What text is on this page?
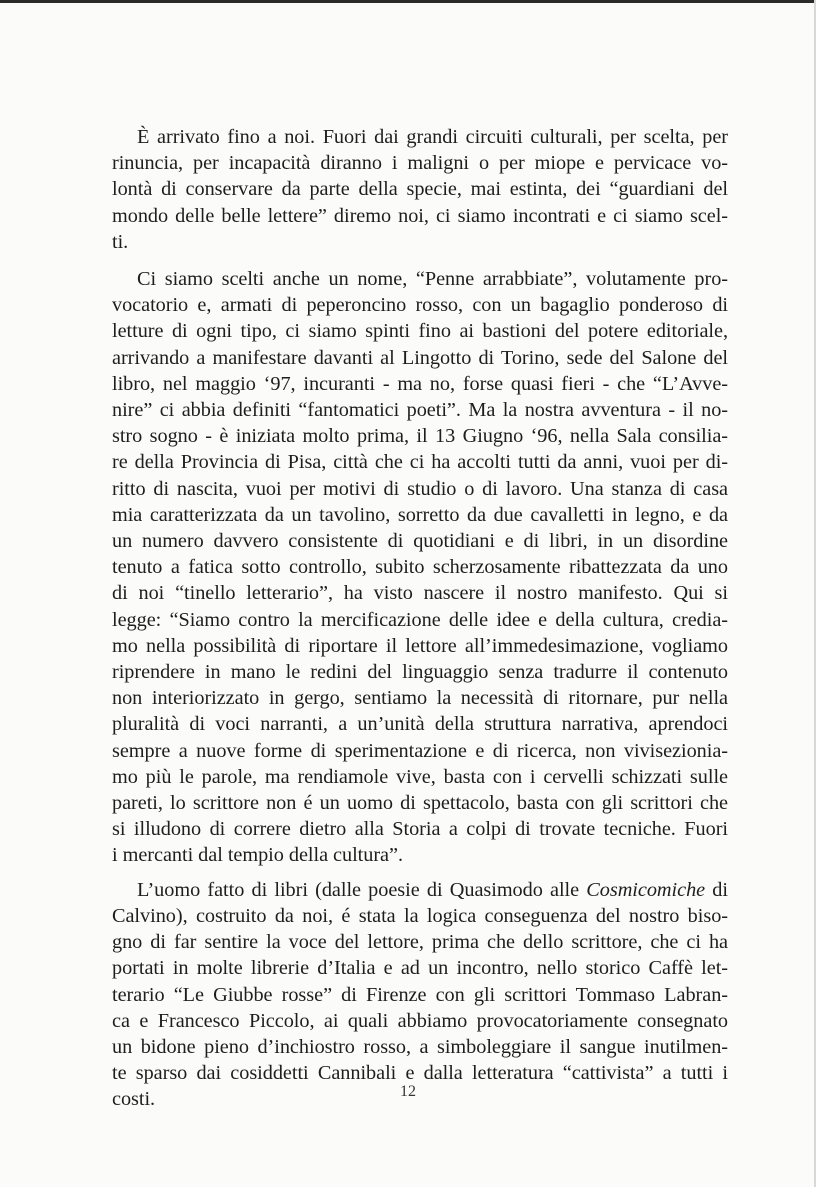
È arrivato fino a noi. Fuori dai grandi circuiti culturali, per scelta, per
rinuncia, per incapacità diranno i maligni o per miope e pervicace vo-
lontà di conservare da parte della specie, mai estinta, dei “guardiani del
mondo delle belle lettere” diremo noi, ci siamo incontrati e ci siamo scel-
ti.

Ci siamo scelti anche un nome, “Penne arrabbiate”, volutamente pro-
vocatorio e, armati di peperoncino rosso, con un bagaglio ponderoso di
letture di ogni tipo, ci siamo spinti fino ai bastioni del potere editoriale,
arrivando a manifestare davanti al Lingotto di Torino, sede del Salone del
libro, nel maggio ‘97, incuranti - ma no, forse quasi fieri - che “L’Avve-
nire” ci abbia definiti “fantomatici poeti”. Ma la nostra avventura - il no-
stro sogno - è iniziata molto prima, il 13 Giugno ‘96, nella Sala consilia-
re della Provincia di Pisa, città che ci ha accolti tutti da anni, vuoi per di-
ritto di nascita, vuoi per motivi di studio o di lavoro. Una stanza di casa
mia caratterizzata da un tavolino, sorretto da due cavalletti in legno, e da
un numero davvero consistente di quotidiani e di libri, in un disordine
tenuto a fatica sotto controllo, subito scherzosamente ribattezzata da uno
di noi “tinello letterario”, ha visto nascere il nostro manifesto. Qui si
legge: “Siamo contro la mercificazione delle idee e della cultura, credia-
mo nella possibilità di riportare il lettore all’immedesimazione, vogliamo
riprendere in mano le redini del linguaggio senza tradurre il contenuto
non interiorizzato in gergo, sentiamo la necessità di ritornare, pur nella
pluralità di voci narranti, a un’unità della struttura narrativa, aprendoci
sempre a nuove forme di sperimentazione e di ricerca, non vivisezionia-
mo più le parole, ma rendiamole vive, basta con i cervelli schizzati sulle
pareti, lo scrittore non é un uomo di spettacolo, basta con gli scrittori che
si illudono di correre dietro alla Storia a colpi di trovate tecniche. Fuori
i mercanti dal tempio della cultura”.

L’uomo fatto di libri (dalle poesie di Quasimodo alle Cosmicomiche di
Calvino), costruito da noi, é stata la logica conseguenza del nostro biso-
gno di far sentire la voce del lettore, prima che dello scrittore, che ci ha
portati in molte librerie d’Italia e ad un incontro, nello storico Caffè let-
terario “Le Giubbe rosse” di Firenze con gli scrittori Tommaso Labran-
ca e Francesco Piccolo, ai quali abbiamo provocatoriamente consegnato
un bidone pieno d’inchiostro rosso, a simboleggiare il sangue inutilmen-
te sparso dai cosiddetti Cannibali e dalla letteratura “cattivista” a tutti i
costi.	12
